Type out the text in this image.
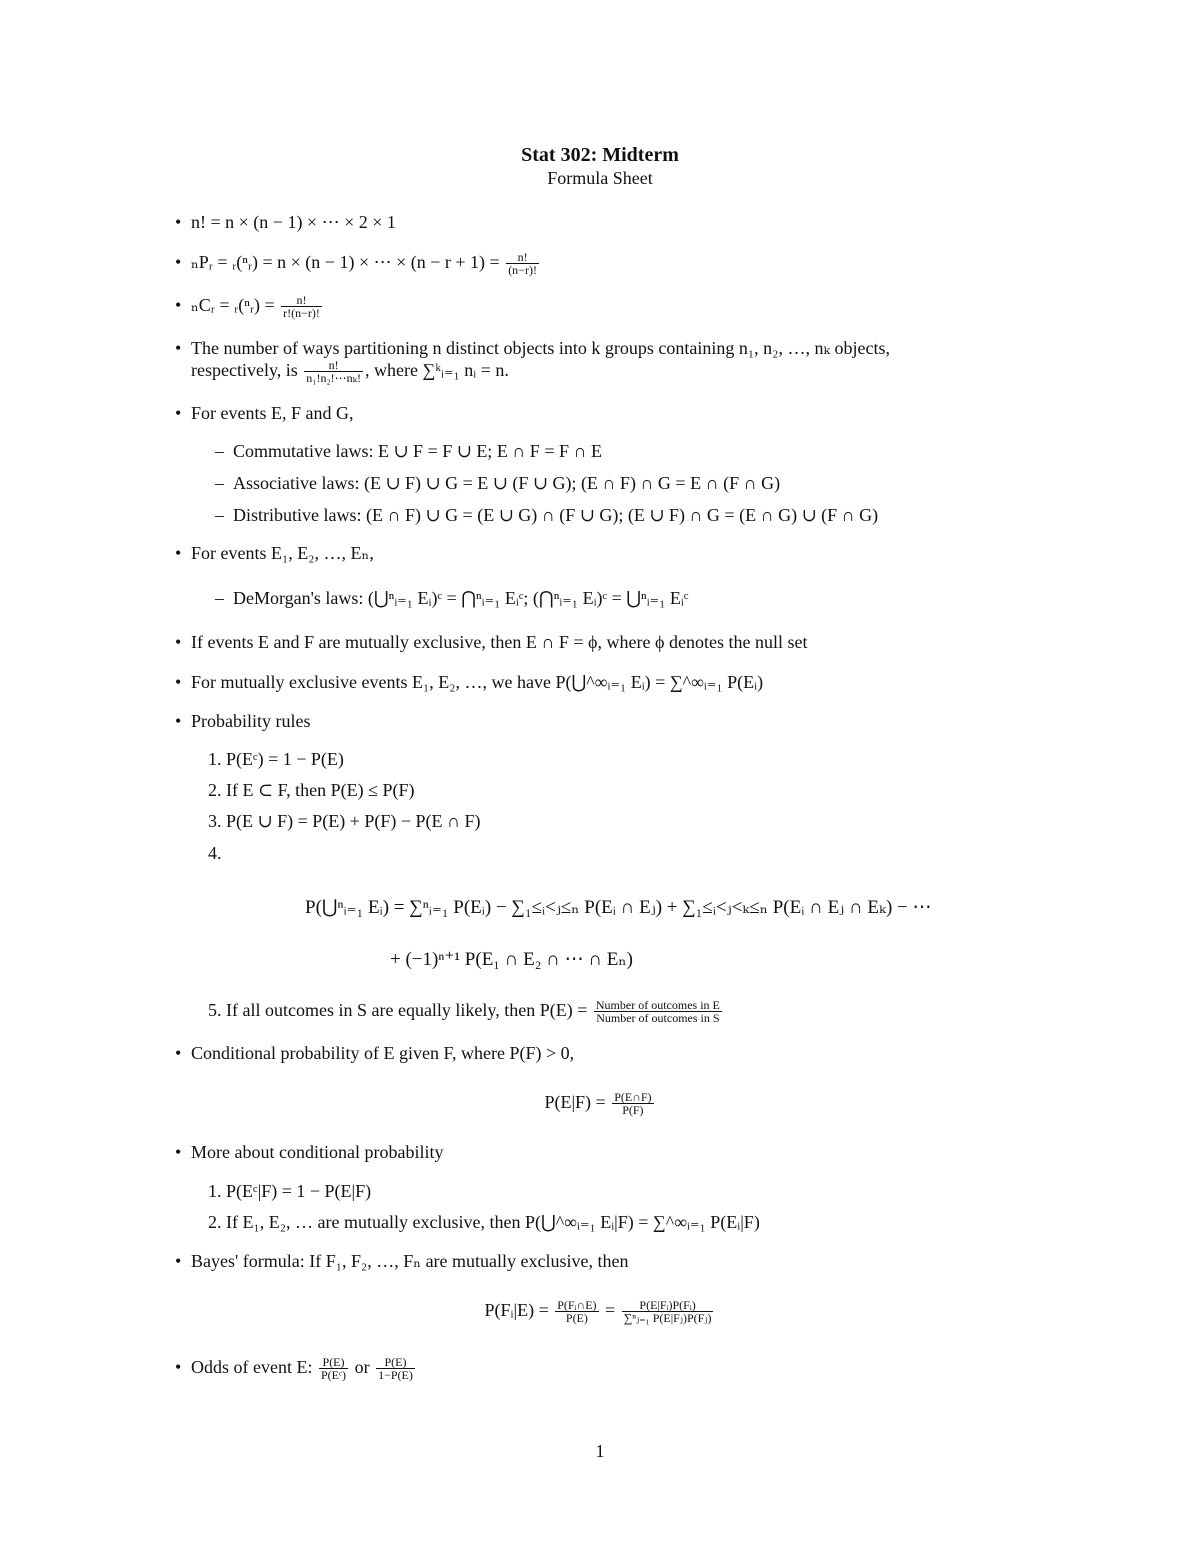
Stat 302: Midterm
Formula Sheet
• n! = n × (n − 1) × ⋯ × 2 × 1
• ₙPᵣ = ᵣ(ⁿᵣ) = n × (n − 1) × ⋯ × $(n - r + 1) = \frac{n!}{(n-r)!}$
• ₙCᵣ = ᵣ(ⁿᵣ) = $\frac{n!}{r!(n-r)!}$
• The number of ways partitioning n distinct objects into k groups containing n₁, n₂, …, nₖ objects,
respectively, is $\frac{n!}{\text{n₁!n₂!⋯nₖ!}}$ , where ∑ᵏᵢ₌₁ nᵢ = n.
• For events E, F and G,
– Commutative laws: E ∪ F = F ∪ E; E ∩ F = F ∩ E
– Associative laws: (E ∪ F) ∪ G = E ∪ (F ∪ G); (E ∩ F) ∩ G = E ∩ (F ∩ G)
– Distributive laws: (E ∩ F) ∪ G = (E ∪ G) ∩ (F ∪ G); (E ∪ F) ∩ G = (E ∩ G) ∪ (F ∩ G)
• For events E₁, E₂, …, Eₙ,
– DeMorgan's laws: (⋃ⁿᵢ₌₁ Eᵢ)ᶜ = ⋂ⁿᵢ₌₁ Eᵢᶜ; (⋂ⁿᵢ₌₁ Eᵢ)ᶜ = ⋃ⁿᵢ₌₁ Eᵢᶜ
• If events E and F are mutually exclusive, then E ∩ F = ϕ, where ϕ denotes the null set
• For mutually exclusive events E₁, E₂, …, we have P(⋃^∞ᵢ₌₁ Eᵢ) = ∑^∞ᵢ₌₁ P(Eᵢ)
• Probability rules
1. P(Eᶜ) = 1 − P(E)
2. If E ⊂ F, then P(E) ≤ P(F)
3. P(E ∪ F) = P(E) + P(F) − P(E ∩ F)
4.
P(⋃ⁿᵢ₌₁ Eᵢ) = ∑ⁿᵢ₌₁ P(Eᵢ) − ∑₁≤ᵢ<ⱼ≤ₙ P(Eᵢ ∩ Eⱼ) + ∑₁≤ᵢ<ⱼ<ₖ≤ₙ P(Eᵢ ∩ Eⱼ ∩ Eₖ) − ⋯
+ (−1)ⁿ⁺¹ P(E₁ ∩ E₂ ∩ ⋯ ∩ Eₙ)
5. If all outcomes in S are equally likely, then $P(E) = \frac{\text{Number of outcomes in E}}{\text{Number of outcomes in S}}$
• Conditional probability of E given F, where P(F) > 0,
$P(E|F) = \frac{P(E\cap F)}{P(F)}$
• More about conditional probability
1. P(Eᶜ|F) = 1 − P(E|F)
2. If E₁, E₂, … are mutually exclusive, then P(⋃^∞ᵢ₌₁ Eᵢ|F) = ∑^∞ᵢ₌₁ P(Eᵢ|F)
• Bayes' formula: If F₁, F₂, …, Fₙ are mutually exclusive, then
P(Fᵢ|E) = $\frac{\text{P(Fᵢ∩E)}}{P(E)} = \frac{\text{P(E|Fᵢ)P(Fᵢ)}}{\text{∑ⁿⱼ₌₁ P(E|Fⱼ)P(Fⱼ)}}$
• Odds of event E: $\frac{P(E)}{\text{P(Eᶜ)}}$ or $\frac{P(E)}{1-P(E)}$
1
